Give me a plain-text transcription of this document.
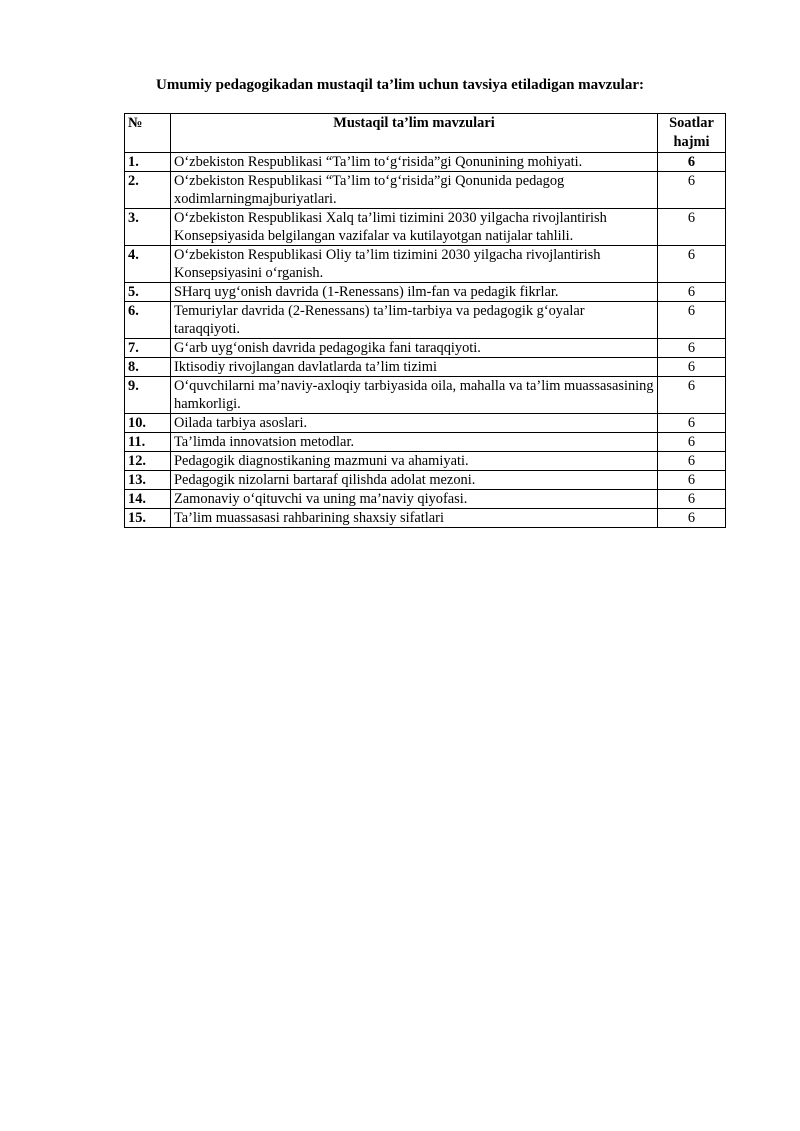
Umumiy pedagogikadan mustaqil ta’lim uchun tavsiya etiladigan mavzular:
№	Mustaqil ta’lim mavzulari	Soatlar hajmi
1.	O‘zbekiston Respublikasi “Ta’lim to‘g‘risida”gi Qonunining mohiyati.	6
2.	O‘zbekiston Respublikasi “Ta’lim to‘g‘risida”gi Qonunida pedagog xodimlarningmajburiyatlari.	6
3.	O‘zbekiston Respublikasi Xalq ta’limi tizimini 2030 yilgacha rivojlantirish Konsepsiyasida belgilangan vazifalar va kutilayotgan natijalar tahlili.	6
4.	O‘zbekiston Respublikasi Oliy ta’lim tizimini 2030 yilgacha rivojlantirish Konsepsiyasini o‘rganish.	6
5.	SHarq uyg‘onish davrida (1-Renessans) ilm-fan va pedagik fikrlar.	6
6.	Temuriylar davrida (2-Renessans) ta’lim-tarbiya va pedagogik g‘oyalar taraqqiyoti.	6
7.	G‘arb uyg‘onish davrida pedagogika fani taraqqiyoti.	6
8.	Iktisodiy rivojlangan davlatlarda ta’lim tizimi	6
9.	O‘quvchilarni ma’naviy-axloqiy tarbiyasida oila, mahalla va ta’lim muassasasining hamkorligi.	6
10.	Oilada tarbiya asoslari.	6
11.	Ta’limda innovatsion metodlar.	6
12.	Pedagogik diagnostikaning mazmuni va ahamiyati.	6
13.	Pedagogik nizolarni bartaraf qilishda adolat mezoni.	6
14.	Zamonaviy o‘qituvchi va uning ma’naviy qiyofasi.	6
15.	Ta’lim muassasasi rahbarining shaxsiy sifatlari	6
